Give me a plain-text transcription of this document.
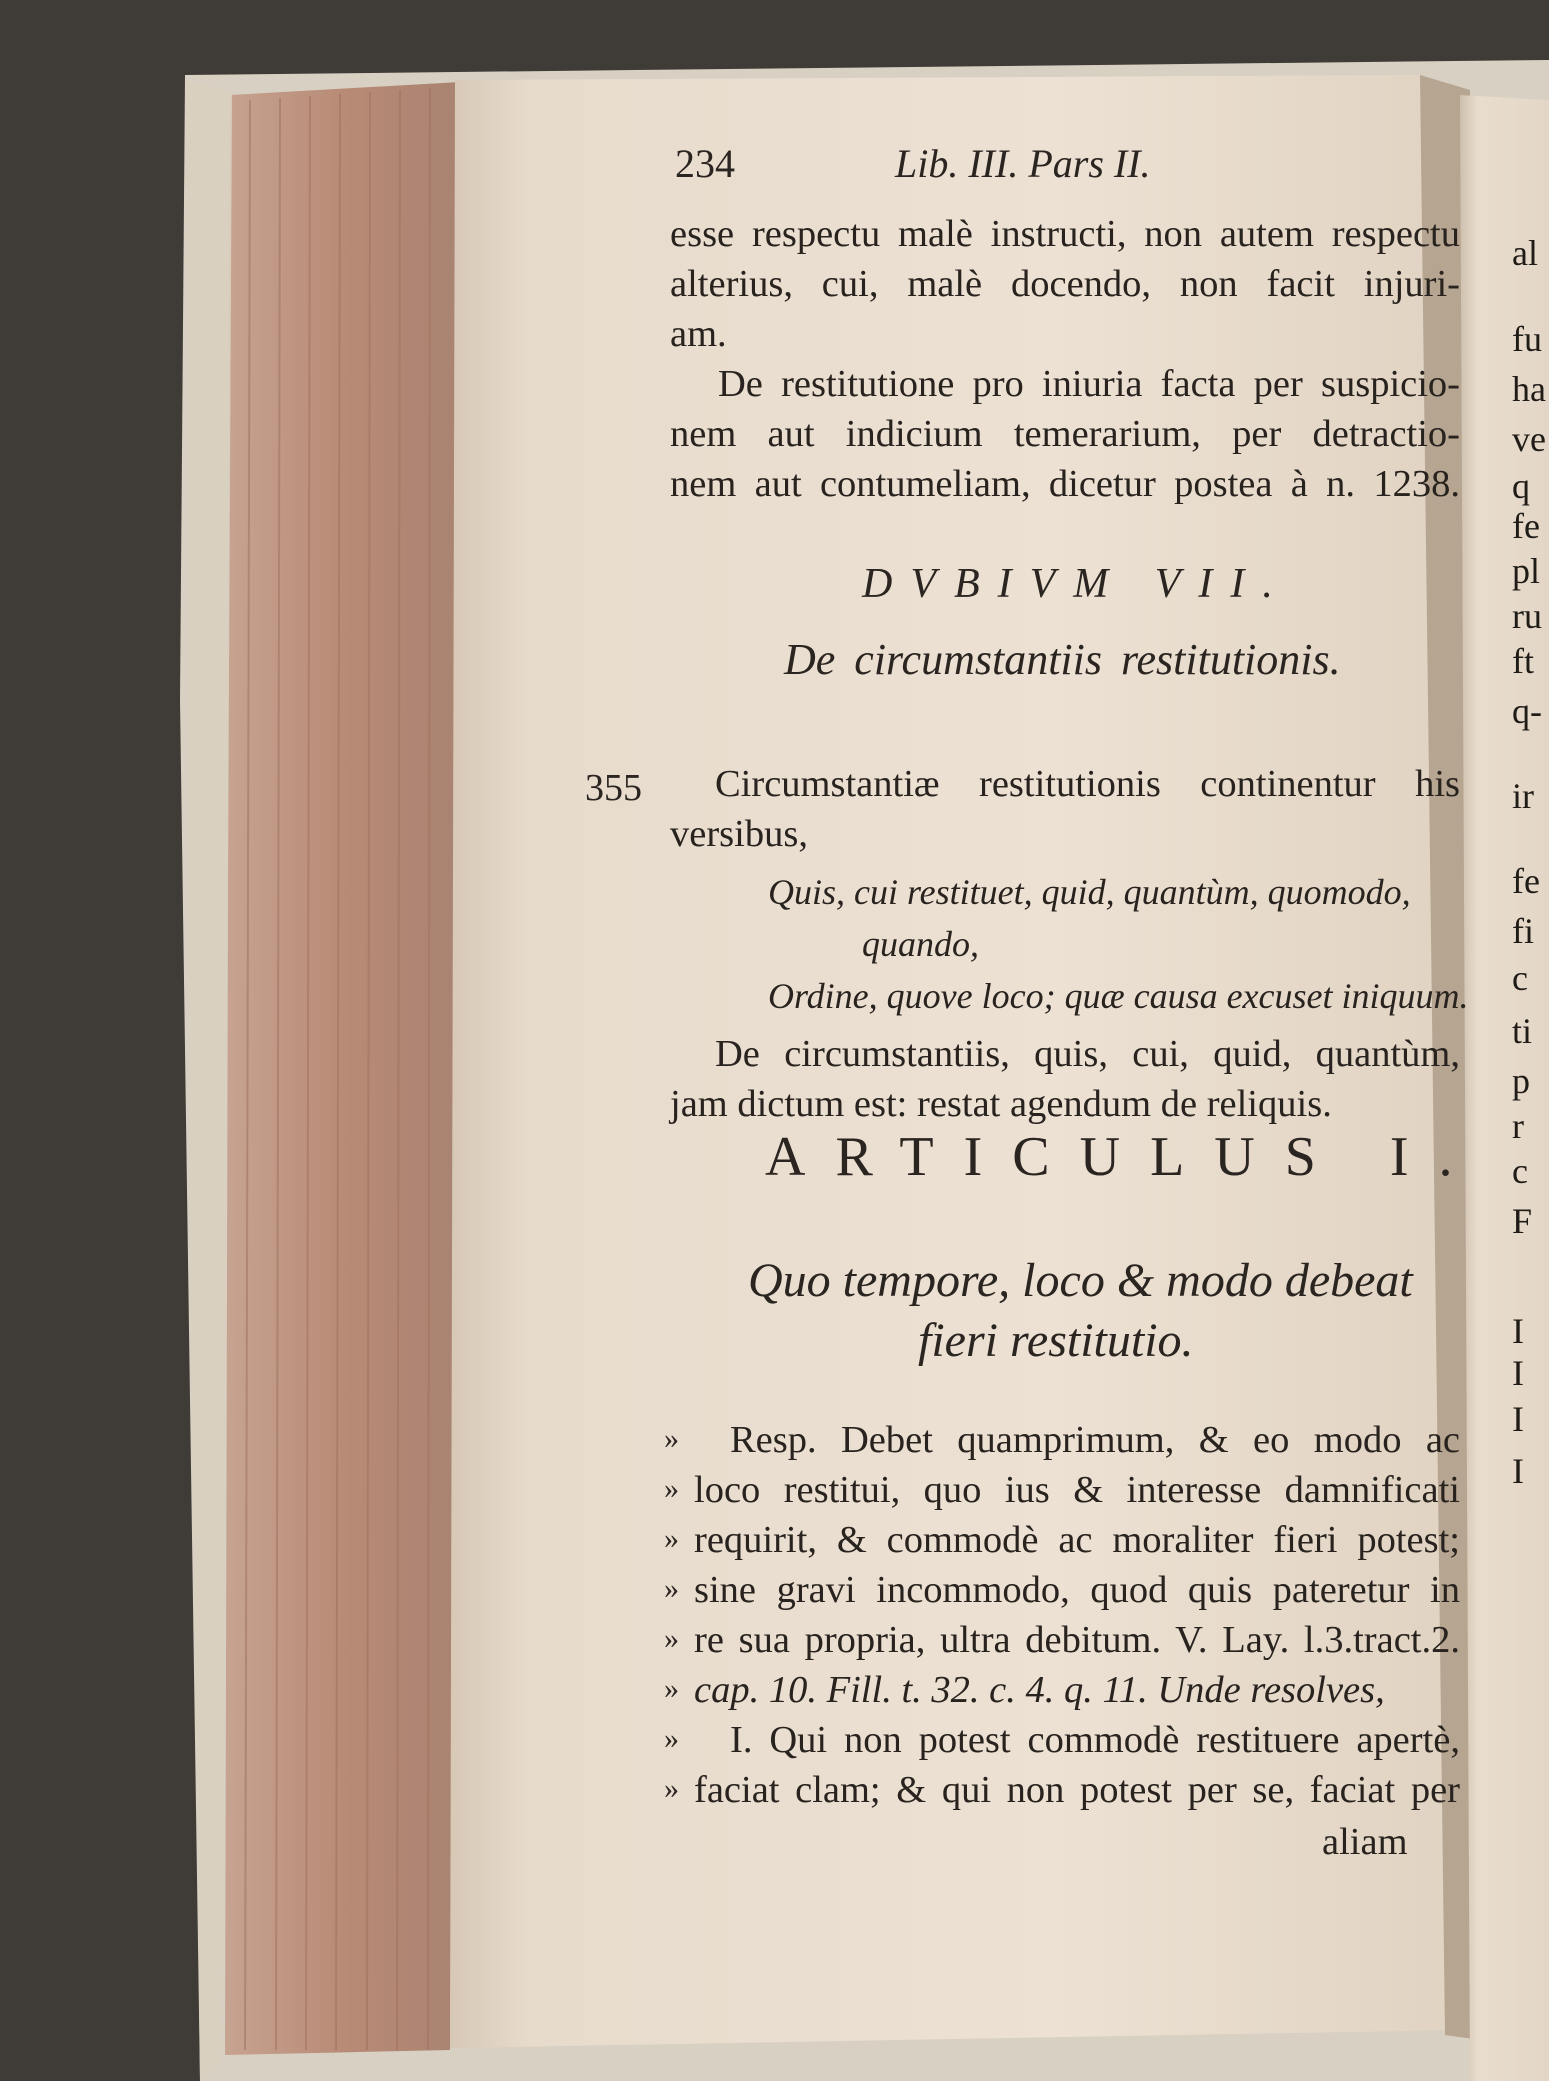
234	Lib. III. Pars II.
esse respectu malè instructi, non autem respectu
alterius, cui, malè docendo, non facit injuri-
am.
De restitutione pro iniuria facta per suspicio-
nem aut indicium temerarium, per detractio-
nem aut contumeliam, dicetur postea à n. 1238.
DVBIVM VII.
De circumstantiis restitutionis.
355 Circumstantiæ restitutionis continentur his
versibus,
Quis, cui restituet, quid, quantùm, quomodo,
quando,
Ordine, quove loco; quæ causa excuset iniquum.
De circumstantiis, quis, cui, quid, quantùm,
jam dictum est: restat agendum de reliquis.
ARTICULUS I.
Quo tempore, loco & modo debeat
fieri restitutio.
»
»
»
»
»
»
»
»
Resp. Debet quamprimum, & eo modo ac
loco restitui, quo ius & interesse damnificati
requirit, & commodè ac moraliter fieri potest;
sine gravi incommodo, quod quis pateretur in
re sua propria, ultra debitum. V. Lay. l.3.tract.2.
cap. 10. Fill. t. 32. c. 4. q. 11. Unde resolves,
I. Qui non potest commodè restituere apertè,
faciat clam; & qui non potest per se, faciat per
aliam
al
fu
ha
ve
q
fe
pl
ru
ft
q-
ir
fe
fi
c
ti
p
r
c
F
I
I
I
I
